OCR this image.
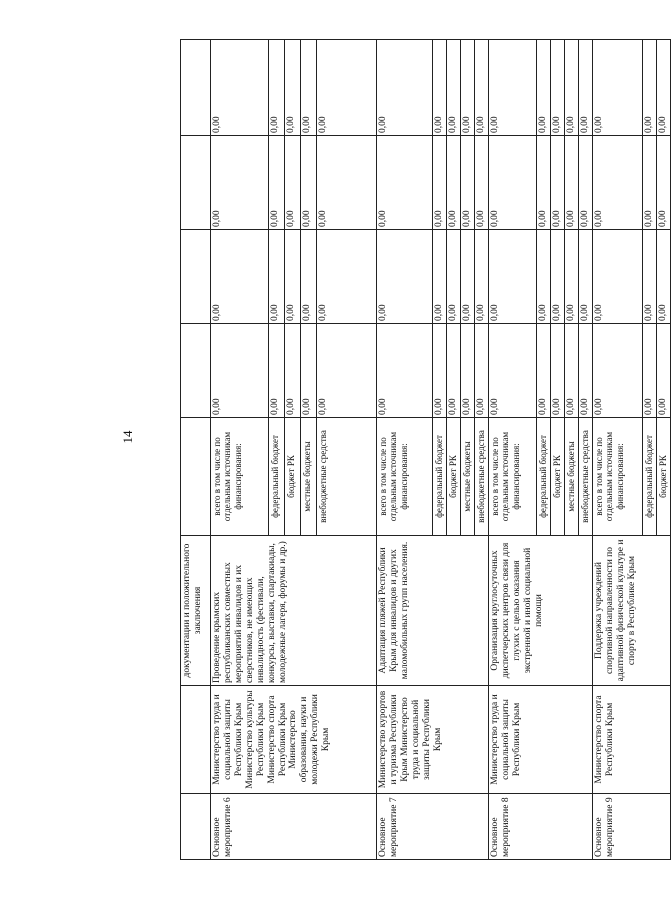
14
		документации и положительного заключения					
Основное мероприятие 6	Министерство труда и социальной защиты Республики Крым Министерство культуры Республики Крым Министерство спорта Республики Крым Министерство образования, науки и молодежи Республики Крым	Проведение крымских республиканских совместных мероприятий инвалидов и их сверстников, не имеющих инвалидность (фестивали, конкурсы, выставки, спартакиады, молодежные лагеря, форумы и др.)	всего в том числе по отдельным источникам финансирования:	0,00	0,00	0,00	0,00
			федеральный бюджет	0,00	0,00	0,00	0,00
			бюджет РК	0,00	0,00	0,00	0,00
			местные бюджеты	0,00	0,00	0,00	0,00
			внебюджетные средства	0,00	0,00	0,00	0,00
Основное мероприятие 7	Министерство курортов и туризма Республики Крым Министерство труда и социальной защиты Республики Крым	Адаптация пляжей Республики Крым для инвалидов и других маломобильных групп населения.	всего в том числе по отдельным источникам финансирования:	0,00	0,00	0,00	0,00
			федеральный бюджет	0,00	0,00	0,00	0,00
			бюджет РК	0,00	0,00	0,00	0,00
			местные бюджеты	0,00	0,00	0,00	0,00
			внебюджетные средства	0,00	0,00	0,00	0,00
Основное мероприятие 8	Министерство труда и социальной защиты Республики Крым	Организация круглосуточных диспетчерских центров связи для глухих с целью оказания экстренной и иной социальной помощи	всего в том числе по отдельным источникам финансирования:	0,00	0,00	0,00	0,00
			федеральный бюджет	0,00	0,00	0,00	0,00
			бюджет РК	0,00	0,00	0,00	0,00
			местные бюджеты	0,00	0,00	0,00	0,00
			внебюджетные средства	0,00	0,00	0,00	0,00
Основное мероприятие 9	Министерство спорта Республики Крым	Поддержка учреждений спортивной направленности по адаптивной физической культуре и спорту в Республике Крым	всего в том числе по отдельным источникам финансирования:	0,00	0,00	0,00	0,00
			федеральный бюджет	0,00	0,00	0,00	0,00
			бюджет РК	0,00	0,00	0,00	0,00
